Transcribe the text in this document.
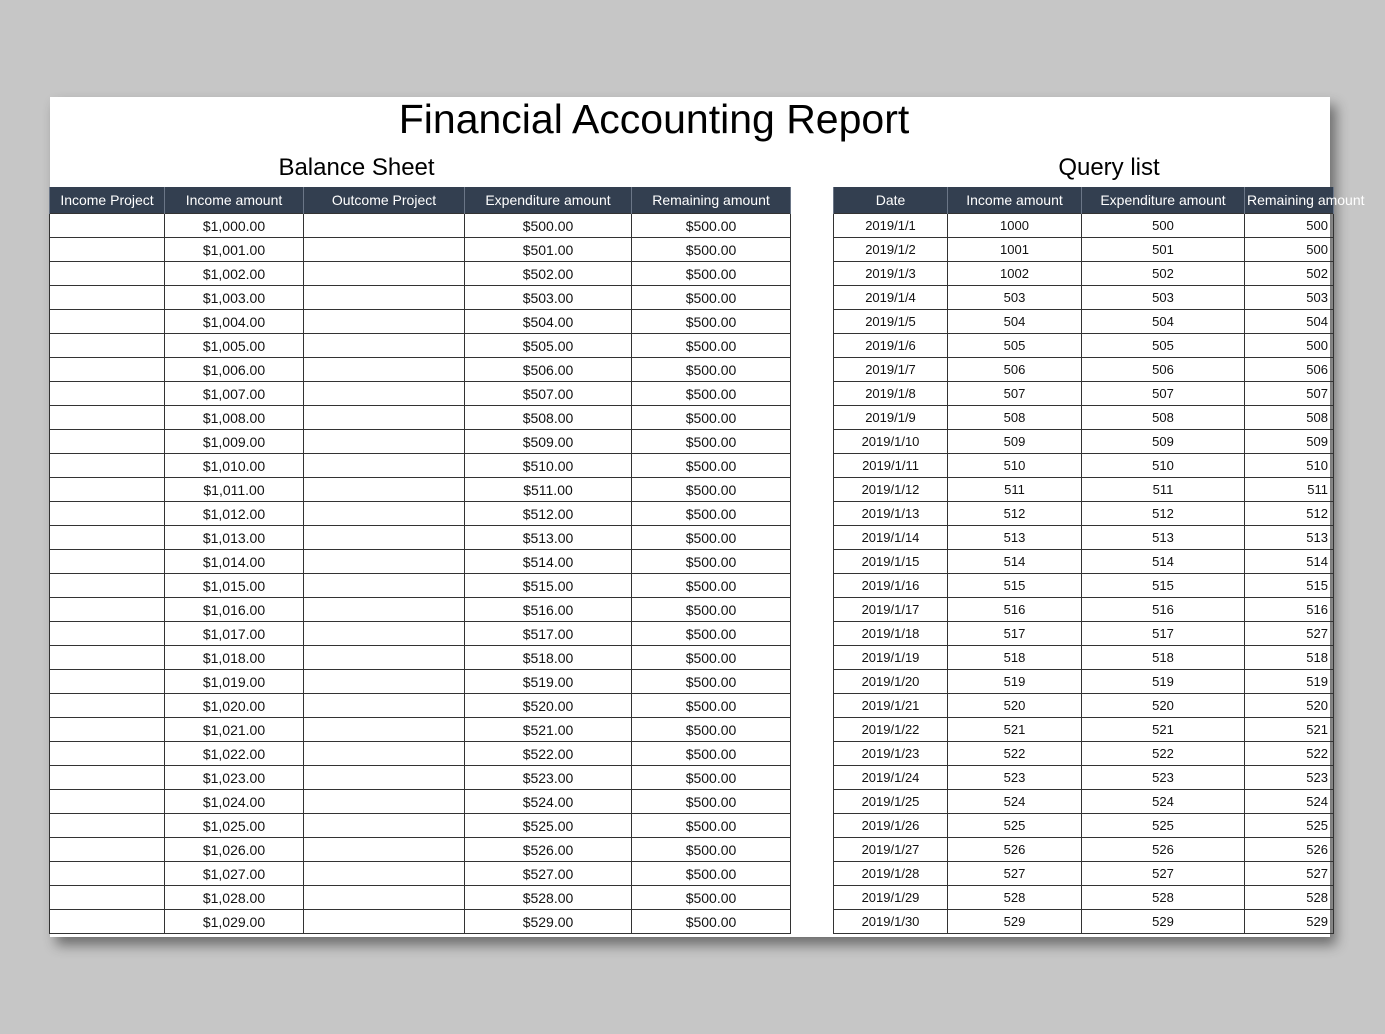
Financial Accounting Report
Balance Sheet	Query list
Income Project	Income amount	Outcome Project	Expenditure amount	Remaining amount
	$1,000.00		$500.00	$500.00
	$1,001.00		$501.00	$500.00
	$1,002.00		$502.00	$500.00
	$1,003.00		$503.00	$500.00
	$1,004.00		$504.00	$500.00
	$1,005.00		$505.00	$500.00
	$1,006.00		$506.00	$500.00
	$1,007.00		$507.00	$500.00
	$1,008.00		$508.00	$500.00
	$1,009.00		$509.00	$500.00
	$1,010.00		$510.00	$500.00
	$1,011.00		$511.00	$500.00
	$1,012.00		$512.00	$500.00
	$1,013.00		$513.00	$500.00
	$1,014.00		$514.00	$500.00
	$1,015.00		$515.00	$500.00
	$1,016.00		$516.00	$500.00
	$1,017.00		$517.00	$500.00
	$1,018.00		$518.00	$500.00
	$1,019.00		$519.00	$500.00
	$1,020.00		$520.00	$500.00
	$1,021.00		$521.00	$500.00
	$1,022.00		$522.00	$500.00
	$1,023.00		$523.00	$500.00
	$1,024.00		$524.00	$500.00
	$1,025.00		$525.00	$500.00
	$1,026.00		$526.00	$500.00
	$1,027.00		$527.00	$500.00
	$1,028.00		$528.00	$500.00
	$1,029.00		$529.00	$500.00
Date	Income amount	Expenditure amount	Remaining amount
2019/1/1	1000	500	500
2019/1/2	1001	501	500
2019/1/3	1002	502	502
2019/1/4	503	503	503
2019/1/5	504	504	504
2019/1/6	505	505	500
2019/1/7	506	506	506
2019/1/8	507	507	507
2019/1/9	508	508	508
2019/1/10	509	509	509
2019/1/11	510	510	510
2019/1/12	511	511	511
2019/1/13	512	512	512
2019/1/14	513	513	513
2019/1/15	514	514	514
2019/1/16	515	515	515
2019/1/17	516	516	516
2019/1/18	517	517	527
2019/1/19	518	518	518
2019/1/20	519	519	519
2019/1/21	520	520	520
2019/1/22	521	521	521
2019/1/23	522	522	522
2019/1/24	523	523	523
2019/1/25	524	524	524
2019/1/26	525	525	525
2019/1/27	526	526	526
2019/1/28	527	527	527
2019/1/29	528	528	528
2019/1/30	529	529	529
